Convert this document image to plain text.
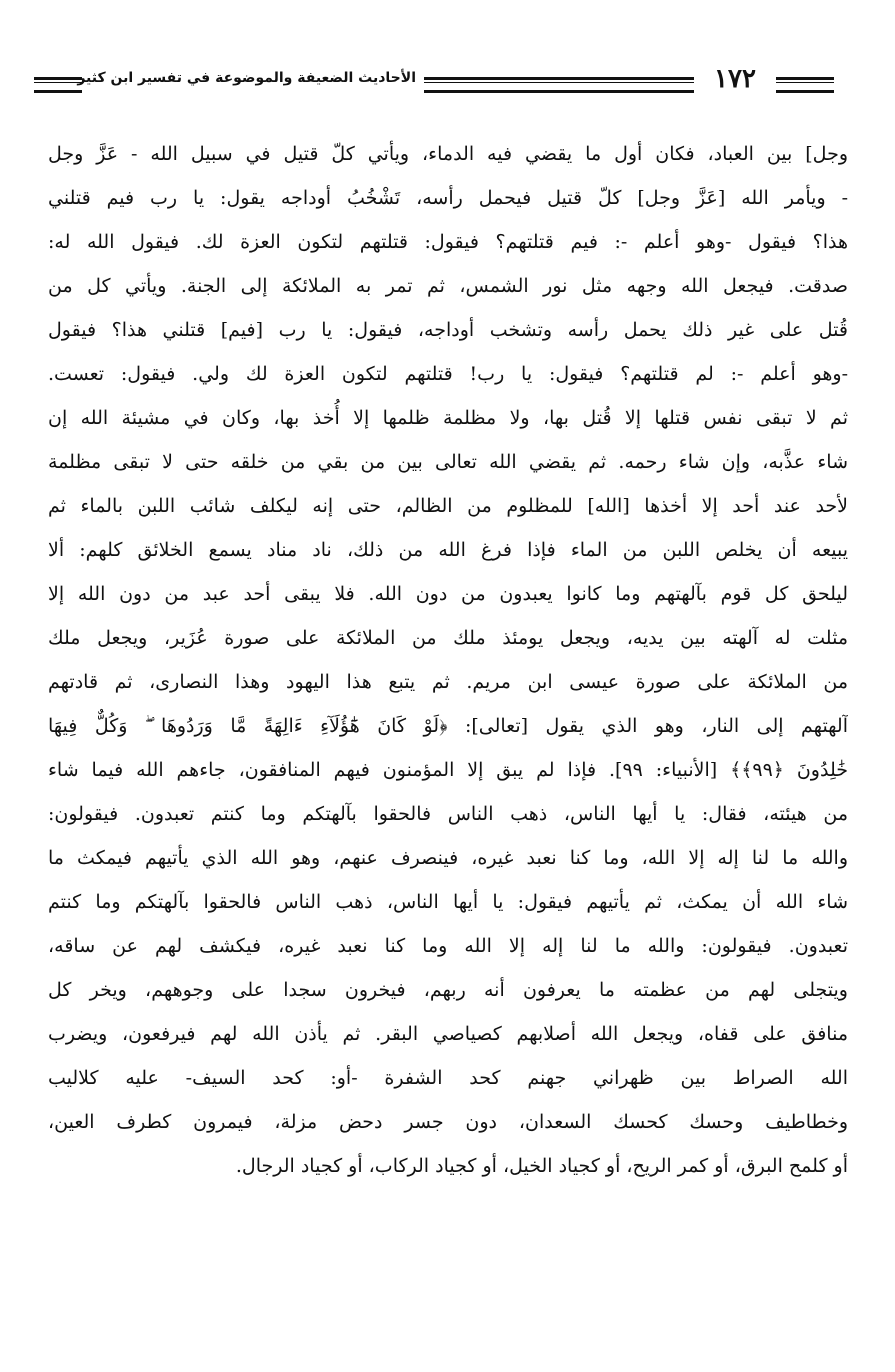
الأحاديث الضعيفة والموضوعة في تفسير ابن كثير	١٧٢
وجل] بين العباد، فكان أول ما يقضي فيه الدماء، ويأتي كلّ قتيل في سبيل الله - عَزَّ وجل
- ويأمر الله [عَزَّ وجل] كلّ قتيل فيحمل رأسه، تَشْخُبُ أوداجه يقول: يا رب فيم قتلني
هذا؟ فيقول -وهو أعلم -: فيم قتلتهم؟ فيقول: قتلتهم لتكون العزة لك. فيقول الله له:
صدقت. فيجعل الله وجهه مثل نور الشمس، ثم تمر به الملائكة إلى الجنة. ويأتي كل من
قُتل على غير ذلك يحمل رأسه وتشخب أوداجه، فيقول: يا رب [فيم] قتلني هذا؟ فيقول
-وهو أعلم -: لم قتلتهم؟ فيقول: يا رب! قتلتهم لتكون العزة لك ولي. فيقول: تعست.
ثم لا تبقى نفس قتلها إلا قُتل بها، ولا مظلمة ظلمها إلا أُخذ بها، وكان في مشيئة الله إن
شاء عذَّبه، وإن شاء رحمه. ثم يقضي الله تعالى بين من بقي من خلقه حتى لا تبقى مظلمة
لأحد عند أحد إلا أخذها [الله] للمظلوم من الظالم، حتى إنه ليكلف شائب اللبن بالماء ثم
يبيعه أن يخلص اللبن من الماء فإذا فرغ الله من ذلك، ناد مناد يسمع الخلائق كلهم: ألا
ليلحق كل قوم بآلهتهم وما كانوا يعبدون من دون الله. فلا يبقى أحد عبد من دون الله إلا
مثلت له آلهته بين يديه، ويجعل يومئذ ملك من الملائكة على صورة عُزَير، ويجعل ملك
من الملائكة على صورة عيسى ابن مريم. ثم يتبع هذا اليهود وهذا النصارى، ثم قادتهم
آلهتهم إلى النار، وهو الذي يقول [تعالى]: ﴿لَوْ كَانَ هَٰٓؤُلَآءِ ءَالِهَةً مَّا وَرَدُوهَا ۖ وَكُلٌّ فِيهَا
خَٰلِدُونَ ﴿٩٩﴾﴾ [الأنبياء: ٩٩]. فإذا لم يبق إلا المؤمنون فيهم المنافقون، جاءهم الله فيما شاء
من هيئته، فقال: يا أيها الناس، ذهب الناس فالحقوا بآلهتكم وما كنتم تعبدون. فيقولون:
والله ما لنا إله إلا الله، وما كنا نعبد غيره، فينصرف عنهم، وهو الله الذي يأتيهم فيمكث ما
شاء الله أن يمكث، ثم يأتيهم فيقول: يا أيها الناس، ذهب الناس فالحقوا بآلهتكم وما كنتم
تعبدون. فيقولون: والله ما لنا إله إلا الله وما كنا نعبد غيره، فيكشف لهم عن ساقه،
ويتجلى لهم من عظمته ما يعرفون أنه ربهم، فيخرون سجدا على وجوههم، ويخر كل
منافق على قفاه، ويجعل الله أصلابهم كصياصي البقر. ثم يأذن الله لهم فيرفعون، ويضرب
الله الصراط بين ظهراني جهنم كحد الشفرة -أو: كحد السيف- عليه كلاليب
وخطاطيف وحسك كحسك السعدان، دون جسر دحض مزلة، فيمرون كطرف العين،
أو كلمح البرق، أو كمر الريح، أو كجياد الخيل، أو كجياد الركاب، أو كجياد الرجال.
